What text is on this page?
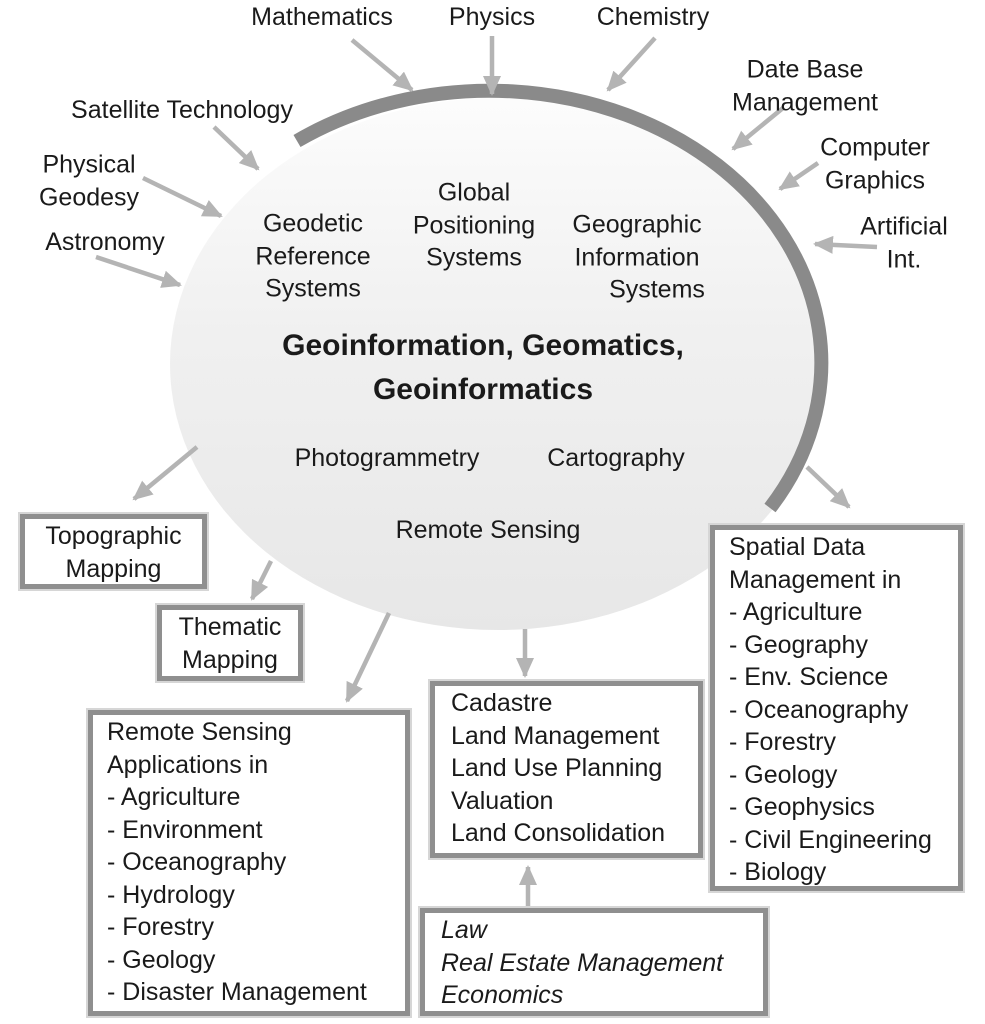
Mathematics Physics Chemistry
Date Base
Management
Computer
Graphics
Artificial
Int.
Satellite Technology
Physical
Geodesy
Astronomy
Geodetic
Reference
Systems
Global
Positioning
Systems
Geographic
Information
Systems
Geoinformation, Geomatics,
Geoinformatics
Photogrammetry	Cartography
Remote Sensing
Topographic
Mapping
Thematic
Mapping
Remote Sensing
Applications in
- Agriculture
- Environment
- Oceanography
- Hydrology
- Forestry
- Geology
- Disaster Management
Cadastre
Land Management
Land Use Planning
Valuation
Land Consolidation
Law
Real Estate Management
Economics
Spatial Data
Management in
- Agriculture
- Geography
- Env. Science
- Oceanography
- Forestry
- Geology
- Geophysics
- Civil Engineering
- Biology
